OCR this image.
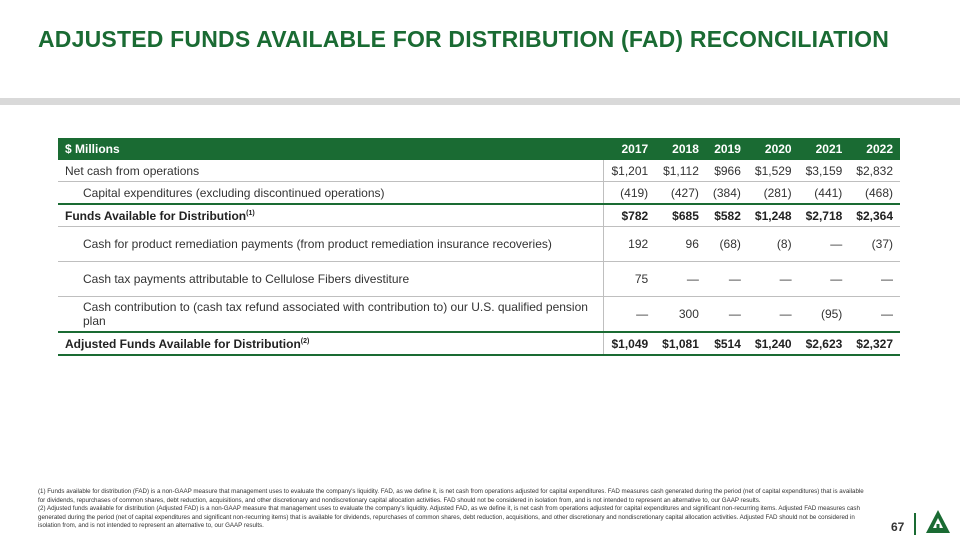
ADJUSTED FUNDS AVAILABLE FOR DISTRIBUTION (FAD) RECONCILIATION
$ Millions	2017	2018	2019	2020	2021	2022
Net cash from operations	$1,201	$1,112	$966	$1,529	$3,159	$2,832
Capital expenditures (excluding discontinued operations)	(419)	(427)	(384)	(281)	(441)	(468)
Funds Available for Distribution$^{(1)}$	$782	$685	$582	$1,248	$2,718	$2,364
Cash for product remediation payments (from product remediation insurance recoveries)	192	96	(68)	(8)	—	(37)
Cash tax payments attributable to Cellulose Fibers divestiture	75	—	—	—	—	—
Cash contribution to (cash tax refund associated with contribution to) our U.S. qualified pension plan	—	300	—	—	(95)	—
Adjusted Funds Available for Distribution$^{(2)}$	$1,049	$1,081	$514	$1,240	$2,623	$2,327

(1) Funds available for distribution (FAD) is a non-GAAP measure that management uses to evaluate the company's liquidity. FAD, as we define it, is net cash from operations adjusted for capital expenditures. FAD measures cash generated during the period (net of capital expenditures) that is available for dividends, repurchases of common shares, debt reduction, acquisitions, and other discretionary and nondiscretionary capital allocation activities. FAD should not be considered in isolation from, and is not intended to represent an alternative to, our GAAP results.

(2) Adjusted funds available for distribution (Adjusted FAD) is a non-GAAP measure that management uses to evaluate the company's liquidity. Adjusted FAD, as we define it, is net cash from operations adjusted for capital expenditures and significant non-recurring items. Adjusted FAD measures cash generated during the period (net of capital expenditures and significant non-recurring items) that is available for dividends, repurchases of common shares, debt reduction, acquisitions, and other discretionary and nondiscretionary capital allocation activities. Adjusted FAD should not be considered in isolation from, and is not intended to represent an alternative to, our GAAP results.	67
